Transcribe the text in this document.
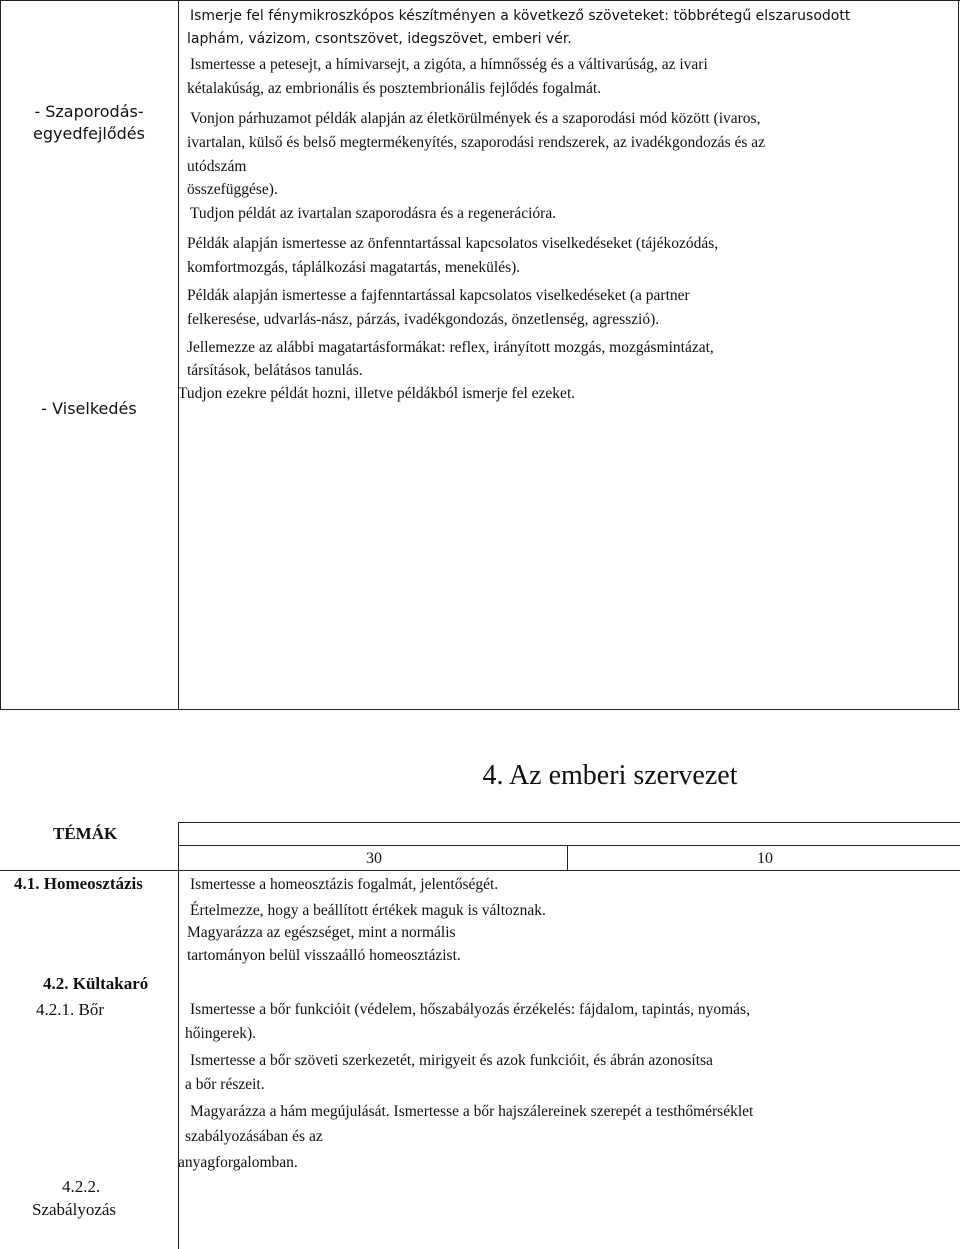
- Szaporodás-
egyedfejlődés
- Viselkedés
Ismerje fel fénymikroszkópos készítményen a következő szöveteket: többrétegű elszarusodott
laphám, vázizom, csontszövet, idegszövet, emberi vér.
Ismertesse a petesejt, a hímivarsejt, a zigóta, a hímnősség és a váltivarúság, az ivari
kétalakúság, az embrionális és posztembrionális fejlődés fogalmát.
Vonjon párhuzamot példák alapján az életkörülmények és a szaporodási mód között (ivaros,
ivartalan, külső és belső megtermékenyítés, szaporodási rendszerek, az ivadékgondozás és az
utódszám
összefüggése).
Tudjon példát az ivartalan szaporodásra és a regenerációra.
Példák alapján ismertesse az önfenntartással kapcsolatos viselkedéseket (tájékozódás,
komfortmozgás, táplálkozási magatartás, menekülés).
Példák alapján ismertesse a fajfenntartással kapcsolatos viselkedéseket (a partner
felkeresése, udvarlás-nász, párzás, ivadékgondozás, önzetlenség, agresszió).
Jellemezze az alábbi magatartásformákat: reflex, irányított mozgás, mozgásmintázat,
társítások, belátásos tanulás.
Tudjon ezekre példát hozni, illetve példákból ismerje fel ezeket.
4. Az emberi szervezet
TÉMÁK
30	10
4.1. Homeosztázis
4.2. Kültakaró
4.2.1. Bőr
4.2.2.
Szabályozás
Ismertesse a homeosztázis fogalmát, jelentőségét.
Értelmezze, hogy a beállított értékek maguk is változnak.
Magyarázza az egészséget, mint a normális
tartományon belül visszaálló homeosztázist.
Ismertesse a bőr funkcióit (védelem, hőszabályozás érzékelés: fájdalom, tapintás, nyomás,
hőingerek).
Ismertesse a bőr szöveti szerkezetét, mirigyeit és azok funkcióit, és ábrán azonosítsa
a bőr részeit.
Magyarázza a hám megújulását. Ismertesse a bőr hajszálereinek szerepét a testhőmérséklet
szabályozásában és az
anyagforgalomban.
